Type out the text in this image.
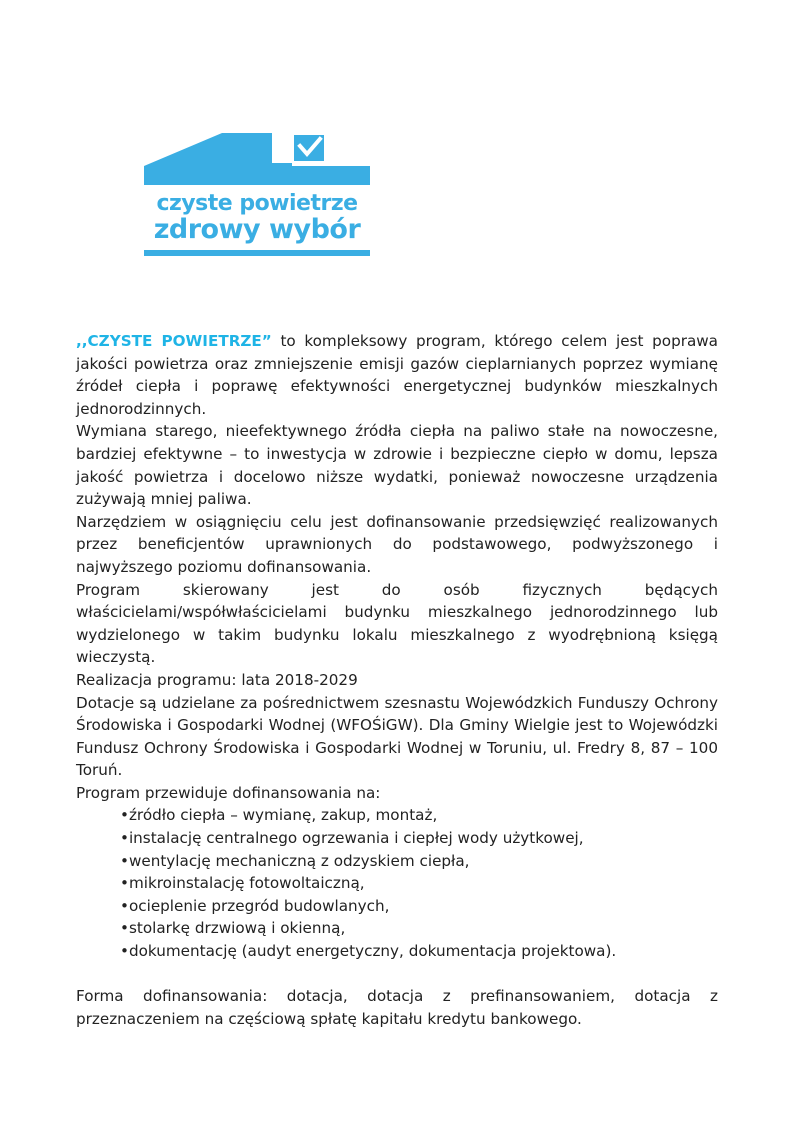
czyste powietrze
zdrowy wybór

,,CZYSTE POWIETRZE” to kompleksowy program, którego celem jest poprawa jakości powietrza oraz zmniejszenie emisji gazów cieplarnianych poprzez wymianę źródeł ciepła i poprawę efektywności energetycznej budynków mieszkalnych jednorodzinnych.

Wymiana starego, nieefektywnego źródła ciepła na paliwo stałe na nowoczesne, bardziej efektywne – to inwestycja w zdrowie i bezpieczne ciepło w domu, lepsza jakość powietrza i docelowo niższe wydatki, ponieważ nowoczesne urządzenia zużywają mniej paliwa.

Narzędziem w osiągnięciu celu jest dofinansowanie przedsięwzięć realizowanych przez beneficjentów uprawnionych do podstawowego, podwyższonego i najwyższego poziomu dofinansowania.

Program skierowany jest do osób fizycznych będących właścicielami/współwłaścicielami budynku mieszkalnego jednorodzinnego lub wydzielonego w takim budynku lokalu mieszkalnego z wyodrębnioną księgą wieczystą.

Realizacja programu: lata 2018-2029

Dotacje są udzielane za pośrednictwem szesnastu Wojewódzkich Funduszy Ochrony Środowiska i Gospodarki Wodnej (WFOŚiGW). Dla Gminy Wielgie jest to Wojewódzki Fundusz Ochrony Środowiska i Gospodarki Wodnej w Toruniu, ul. Fredry 8, 87 – 100 Toruń.

Program przewiduje dofinansowania na:

•źródło ciepła – wymianę, zakup, montaż,
•instalację centralnego ogrzewania i ciepłej wody użytkowej,
•wentylację mechaniczną z odzyskiem ciepła,
•mikroinstalację fotowoltaiczną,
•ocieplenie przegród budowlanych,
•stolarkę drzwiową i okienną,
•dokumentację (audyt energetyczny, dokumentacja projektowa).

Forma dofinansowania: dotacja, dotacja z prefinansowaniem, dotacja z przeznaczeniem na częściową spłatę kapitału kredytu bankowego.
